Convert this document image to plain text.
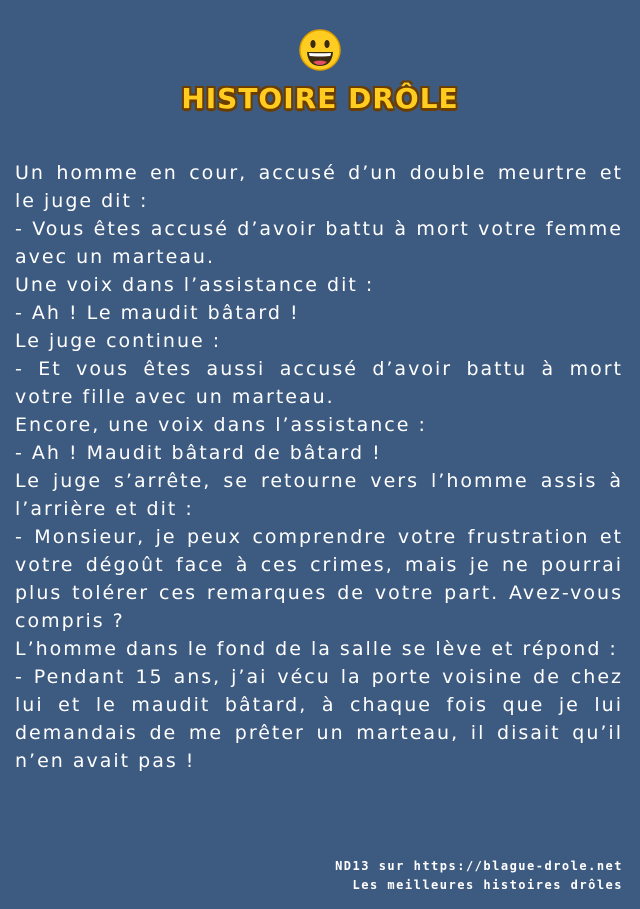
HISTOIRE DRÔLE

Un homme en cour, accusé d’un double meurtre et le juge dit :

- Vous êtes accusé d’avoir battu à mort votre femme avec un marteau.

Une voix dans l’assistance dit :

- Ah ! Le maudit bâtard !

Le juge continue :

- Et vous êtes aussi accusé d’avoir battu à mort votre fille avec un marteau.

Encore, une voix dans l’assistance :

- Ah ! Maudit bâtard de bâtard !

Le juge s’arrête, se retourne vers l’homme assis à l’arrière et dit :

- Monsieur, je peux comprendre votre frustration et votre dégoût face à ces crimes, mais je ne pourrai plus tolérer ces remarques de votre part. Avez-vous compris ?

L’homme dans le fond de la salle se lève et répond :

- Pendant 15 ans, j’ai vécu la porte voisine de chez lui et le maudit bâtard, à chaque fois que je lui demandais de me prêter un marteau, il disait qu’il n’en avait pas !

ND13 sur https://blague-drole.net
Les meilleures histoires drôles
